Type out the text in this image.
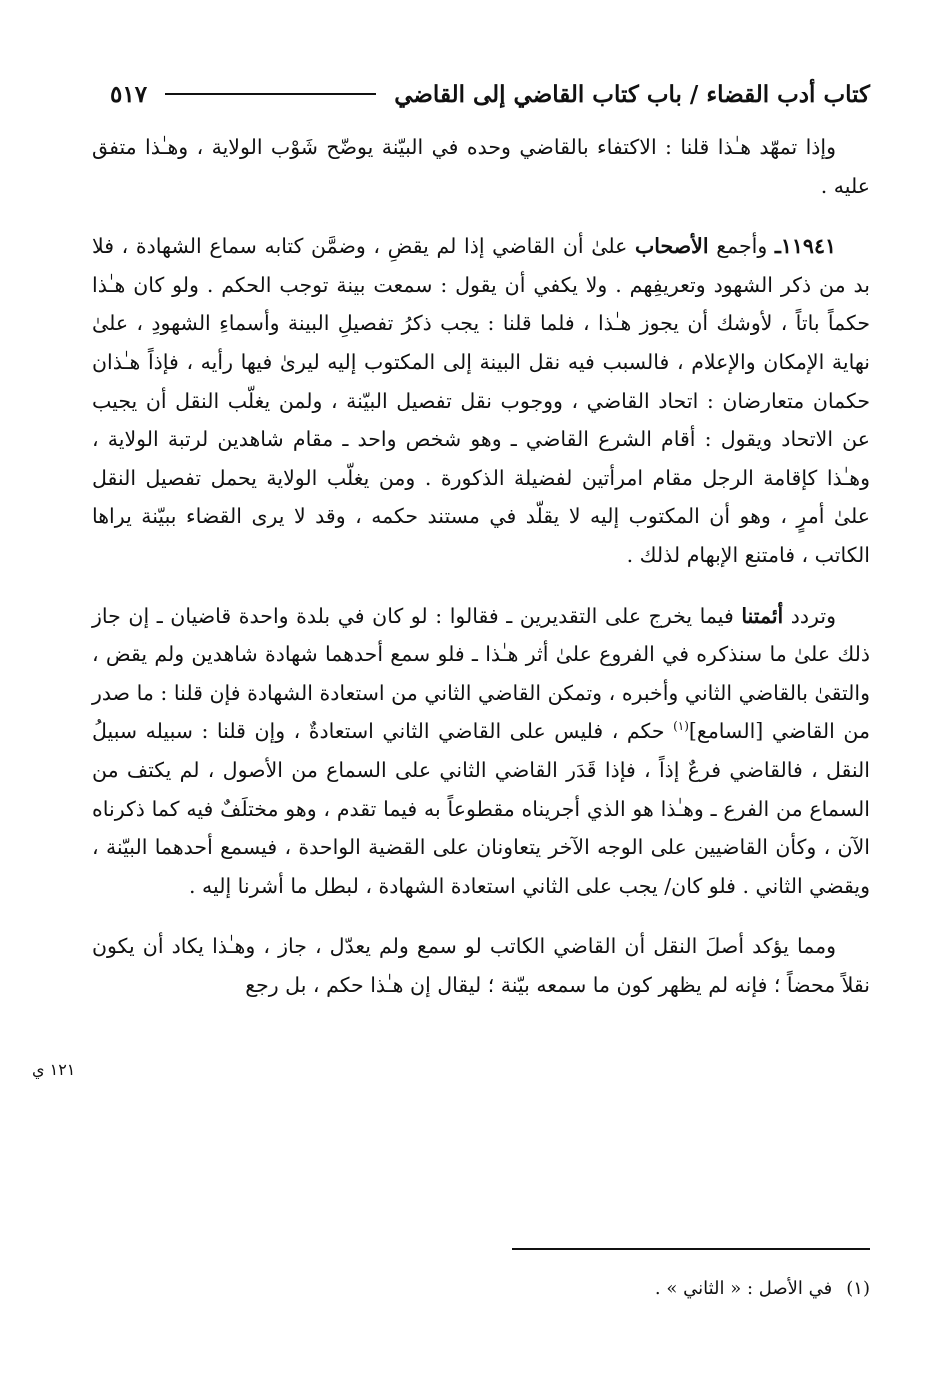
كتاب أدب القضاء / باب كتاب القاضي إلى القاضي
٥١٧

وإذا تمهّد هـٰذا قلنا : الاكتفاء بالقاضي وحده في البيّنة يوضّح شَوْب الولاية ، وهـٰذا متفق عليه .

١١٩٤١ـ وأجمع الأصحاب علىٰ أن القاضي إذا لم يقضِ ، وضمَّن كتابه سماع الشهادة ، فلا بد من ذكر الشهود وتعريفِهم . ولا يكفي أن يقول : سمعت بينة توجب الحكم . ولو كان هـٰذا حكماً باتاً ، لأوشك أن يجوز هـٰذا ، فلما قلنا : يجب ذكرُ تفصيلِ البينة وأسماءِ الشهودِ ، علىٰ نهاية الإمكان والإعلام ، فالسبب فيه نقل البينة إلى المكتوب إليه ليرىٰ فيها رأيه ، فإذاً هـٰذان حكمان متعارضان : اتحاد القاضي ، ووجوب نقل تفصيل البيّنة ، ولمن يغلّب النقل أن يجيب عن الاتحاد ويقول : أقام الشرع القاضي ـ وهو شخص واحد ـ مقام شاهدين لرتبة الولاية ، وهـٰذا كإقامة الرجل مقام امرأتين لفضيلة الذكورة . ومن يغلّب الولاية يحمل تفصيل النقل علىٰ أمرٍ ، وهو أن المكتوب إليه لا يقلّد في مستند حكمه ، وقد لا يرى القضاء ببيّنة يراها الكاتب ، فامتنع الإبهام لذلك .

وتردد أئمتنا فيما يخرج على التقديرين ـ فقالوا : لو كان في بلدة واحدة قاضيان ـ إن جاز ذلك علىٰ ما سنذكره في الفروع علىٰ أثر هـٰذا ـ فلو سمع أحدهما شهادة شاهدين ولم يقض ، والتقىٰ بالقاضي الثاني وأخبره ، وتمكن القاضي الثاني من استعادة الشهادة فإن قلنا : ما صدر من القاضي [السامع]$^{(١)}$ حكم ، فليس على القاضي الثاني استعادةٌ ، وإن قلنا : سبيله سبيلُ النقل ، فالقاضي فرعٌ إذاً ، فإذا قَدَر القاضي الثاني على السماع من الأصول ، لم يكتف من السماع من الفرع ـ وهـٰذا هو الذي أجريناه مقطوعاً به فيما تقدم ، وهو مختلَفٌ فيه كما ذكرناه الآن ، وكأن القاضيين على الوجه الآخر يتعاونان على القضية الواحدة ، فيسمع أحدهما البيّنة ، ويقضي الثاني . فلو كان/ يجب على الثاني استعادة الشهادة ، لبطل ما أشرنا إليه .

ومما يؤكد أصلَ النقل أن القاضي الكاتب لو سمع ولم يعدّل ، جاز ، وهـٰذا يكاد أن يكون نقلاً محضاً ؛ فإنه لم يظهر كون ما سمعه بيّنة ؛ ليقال إن هـٰذا حكم ، بل رجع

١٢١ ي
(١)في الأصل : « الثاني » .
